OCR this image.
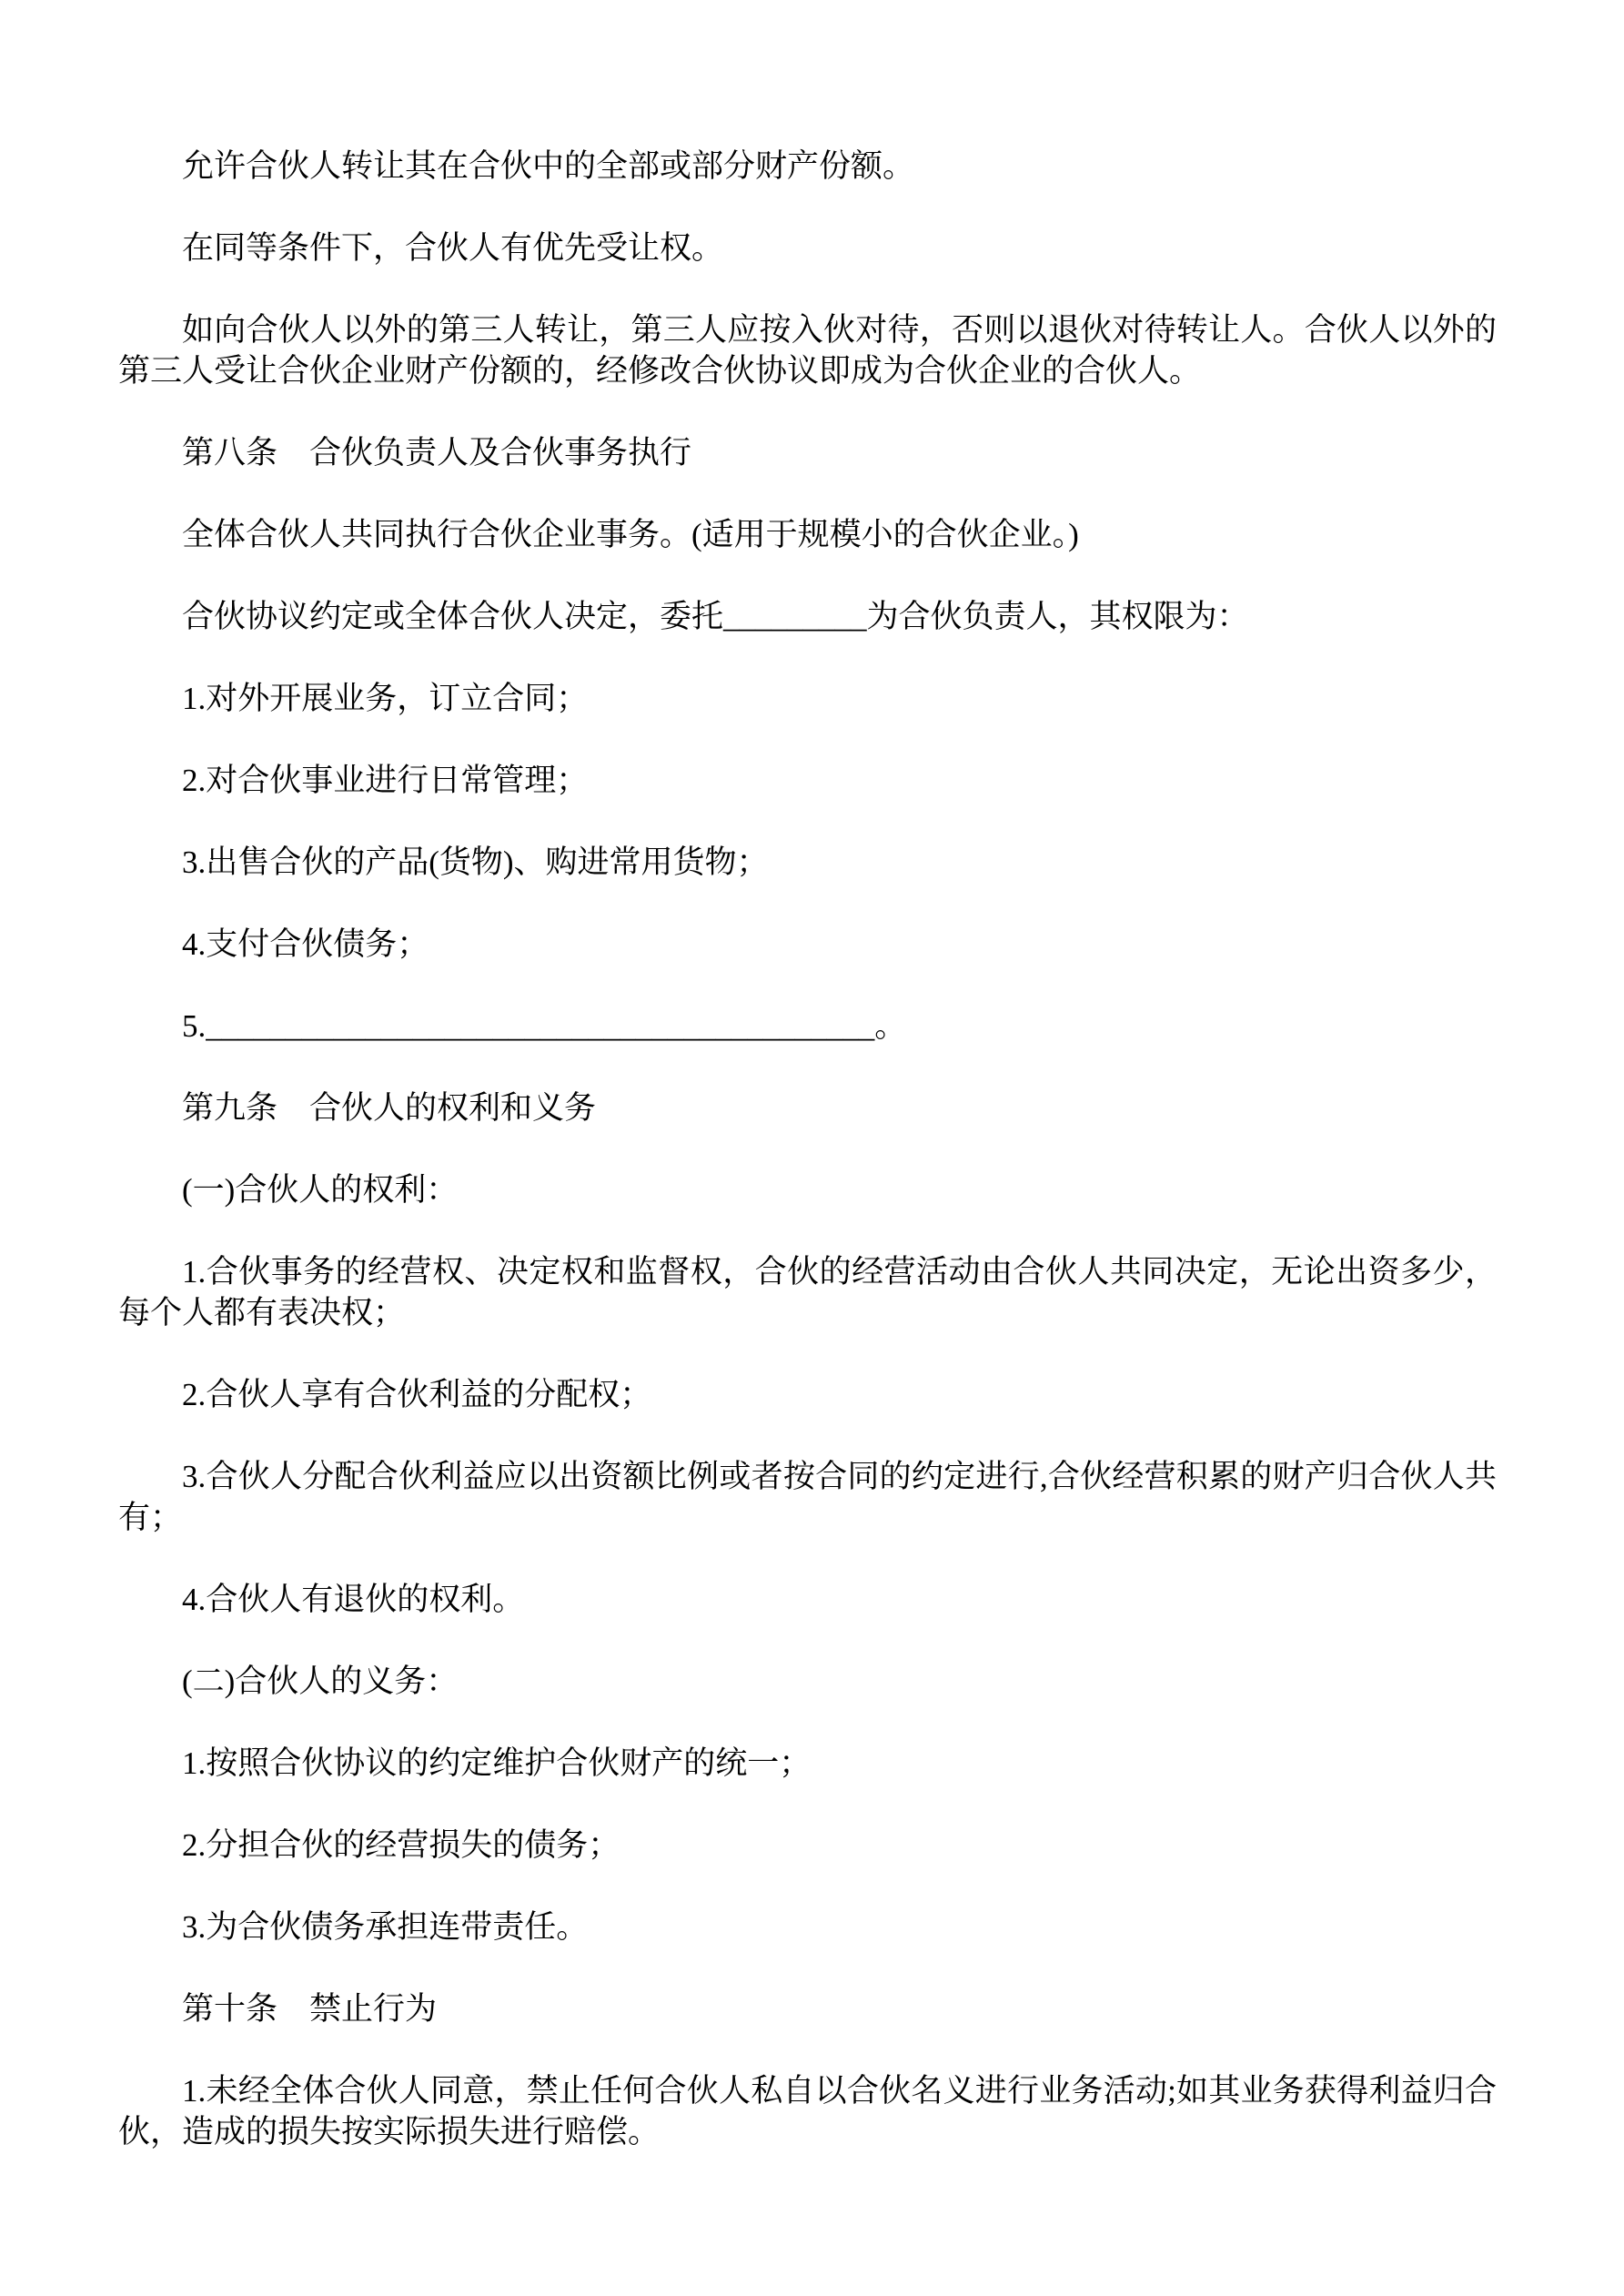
允许合伙人转让其在合伙中的全部或部分财产份额。

在同等条件下，合伙人有优先受让权。

如向合伙人以外的第三人转让，第三人应按入伙对待，否则以退伙对待转让人。合伙人以外的第三人受让合伙企业财产份额的，经修改合伙协议即成为合伙企业的合伙人。

第八条　合伙负责人及合伙事务执行

全体合伙人共同执行合伙企业事务。(适用于规模小的合伙企业。)

合伙协议约定或全体合伙人决定，委托_________为合伙负责人，其权限为：

1.对外开展业务，订立合同；

2.对合伙事业进行日常管理；

3.出售合伙的产品(货物)、购进常用货物；

4.支付合伙债务；

5.__________________________________________。

第九条　合伙人的权利和义务

(一)合伙人的权利：

1.合伙事务的经营权、决定权和监督权，合伙的经营活动由合伙人共同决定，无论出资多少，每个人都有表决权；

2.合伙人享有合伙利益的分配权；

3.合伙人分配合伙利益应以出资额比例或者按合同的约定进行,合伙经营积累的财产归合伙人共有；

4.合伙人有退伙的权利。

(二)合伙人的义务：

1.按照合伙协议的约定维护合伙财产的统一；

2.分担合伙的经营损失的债务；

3.为合伙债务承担连带责任。

第十条　禁止行为

1.未经全体合伙人同意，禁止任何合伙人私自以合伙名义进行业务活动;如其业务获得利益归合伙，造成的损失按实际损失进行赔偿。
